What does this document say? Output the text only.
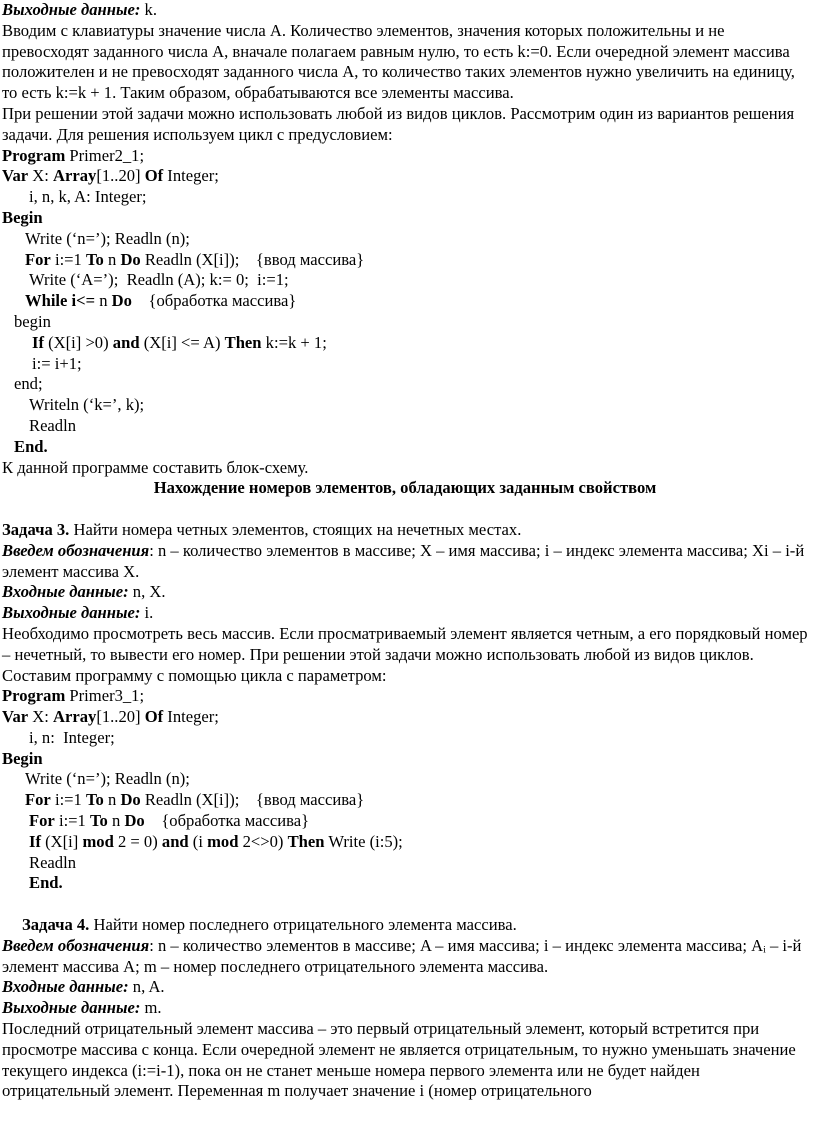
Выходные данные: k.

Вводим с клавиатуры значение числа A. Количество элементов, значения которых положительны и не превосходят заданного числа A, вначале полагаем равным нулю, то есть k:=0. Если очередной элемент массива положителен и не превосходят заданного числа A, то количество таких элементов нужно увеличить на единицу, то есть k:=k + 1. Таким образом, обрабатываются все элементы массива.

При решении этой задачи можно использовать любой из видов циклов. Рассмотрим один из вариантов решения задачи. Для решения используем цикл с предусловием:

Program Primer2_1;

Var X: Array[1..20] Of Integer;

i, n, k, A: Integer;

Begin

Write (‘n=’); Readln (n);

For i:=1 To n Do Readln (X[i]);    {ввод массива}

Write (‘A=’);  Readln (A); k:= 0;  i:=1;

While i<= n Do    {обработка массива}

begin

If (X[i] >0) and (X[i] <= A) Then k:=k + 1;

i:= i+1;

end;

Writeln (‘k=’, k);

Readln

End.

К данной программе составить блок-схему.

Нахождение номеров элементов, обладающих заданным свойством

Задача 3. Найти номера четных элементов, стоящих на нечетных местах.

Введем обозначения: n – количество элементов в массиве; X – имя массива; i – индекс элемента массива; Xi – i-й элемент массива X.

Входные данные: n, X.

Выходные данные: i.

Необходимо просмотреть весь массив. Если просматриваемый элемент является четным, а его порядковый номер – нечетный, то вывести его номер. При решении этой задачи можно использовать любой из видов циклов.

Составим программу с помощью цикла с параметром:

Program Primer3_1;

Var X: Array[1..20] Of Integer;

i, n:  Integer;

Begin

Write (‘n=’); Readln (n);

For i:=1 To n Do Readln (X[i]);    {ввод массива}

For i:=1 To n Do    {обработка массива}

If (X[i] mod 2 = 0) and (i mod 2<>0) Then Write (i:5);

Readln

End.

Задача 4. Найти номер последнего отрицательного элемента массива.

Введем обозначения: n – количество элементов в массиве; A – имя массива; i – индекс элемента массива; Aᵢ – i-й элемент массива A; m – номер последнего отрицательного элемента массива.

Входные данные: n, A.

Выходные данные: m.

Последний отрицательный элемент массива – это первый отрицательный элемент, который встретится при просмотре массива с конца. Если очередной элемент не является отрицательным, то нужно уменьшать значение текущего индекса (i:=i-1), пока он не станет меньше номера первого элемента или не будет найден отрицательный элемент. Переменная m получает значение i (номер отрицательного
